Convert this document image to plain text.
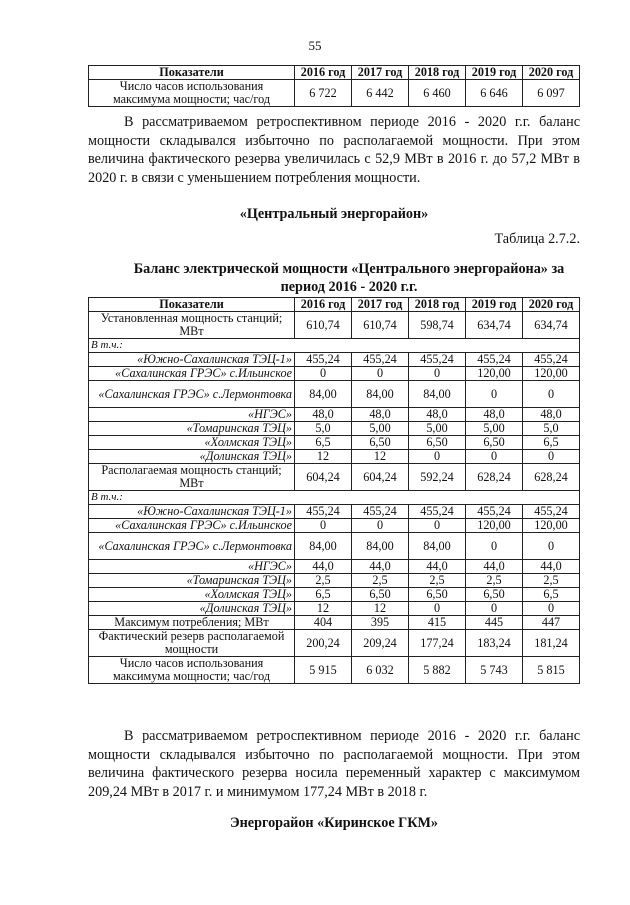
55
Показатели	2016 год	2017 год	2018 год	2019 год	2020 год
Число часов использования максимума мощности; час/год	6 722	6 442	6 460	6 646	6 097
В рассматриваемом ретроспективном периоде 2016 - 2020 г.г. баланс мощности складывался избыточно по располагаемой мощности. При этом величина фактического резерва увеличилась с 52,9 МВт в 2016 г. до 57,2 МВт в 2020 г. в связи с уменьшением потребления мощности.
«Центральный энергорайон»
Таблица 2.7.2.
Баланс электрической мощности «Центрального энергорайона» за период 2016 - 2020 г.г.
Показатели	2016 год	2017 год	2018 год	2019 год	2020 год
Установленная мощность станций; МВт	610,74	610,74	598,74	634,74	634,74
В т.ч.:					
«Южно-Сахалинская ТЭЦ-1»	455,24	455,24	455,24	455,24	455,24
«Сахалинская ГРЭС» с.Ильинское	0	0	0	120,00	120,00
«Сахалинская ГРЭС» с.Лермонтовка	84,00	84,00	84,00	0	0
«НГЭС»	48,0	48,0	48,0	48,0	48,0
«Томаринская ТЭЦ»	5,0	5,00	5,00	5,00	5,0
«Холмская ТЭЦ»	6,5	6,50	6,50	6,50	6,5
«Долинская ТЭЦ»	12	12	0	0	0
Располагаемая мощность станций; МВт	604,24	604,24	592,24	628,24	628,24
В т.ч.:					
«Южно-Сахалинская ТЭЦ-1»	455,24	455,24	455,24	455,24	455,24
«Сахалинская ГРЭС» с.Ильинское	0	0	0	120,00	120,00
«Сахалинская ГРЭС» с.Лермонтовка	84,00	84,00	84,00	0	0
«НГЭС»	44,0	44,0	44,0	44,0	44,0
«Томаринская ТЭЦ»	2,5	2,5	2,5	2,5	2,5
«Холмская ТЭЦ»	6,5	6,50	6,50	6,50	6,5
«Долинская ТЭЦ»	12	12	0	0	0
Максимум потребления; МВт	404	395	415	445	447
Фактический резерв располагаемой мощности	200,24	209,24	177,24	183,24	181,24
Число часов использования максимума мощности; час/год	5 915	6 032	5 882	5 743	5 815
В рассматриваемом ретроспективном периоде 2016 - 2020 г.г. баланс мощности складывался избыточно по располагаемой мощности. При этом величина фактического резерва носила переменный характер с максимумом 209,24 МВт в 2017 г. и минимумом 177,24 МВт в 2018 г.
Энергорайон «Киринское ГКМ»
